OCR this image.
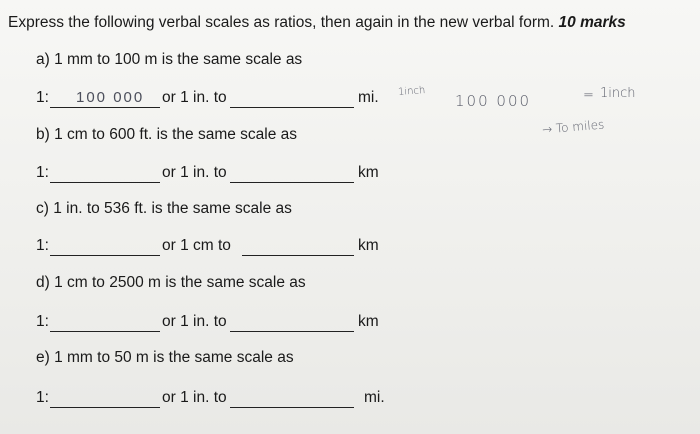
Express the following verbal scales as ratios, then again in the new verbal form. 10 marks
a) 1 mm to 100 m is the same scale as
1: 100 000 or 1 in. to	mi.
b) 1 cm to 600 ft. is the same scale as
1:	or 1 in. to	km
c) 1 in. to 536 ft. is the same scale as
1:	or 1 cm to	km
d) 1 cm to 2500 m is the same scale as
1:	or 1 in. to	km
e) 1 mm to 50 m is the same scale as
1:	or 1 in. to	mi.
1inch
100 000	= 1inch
→ To miles
